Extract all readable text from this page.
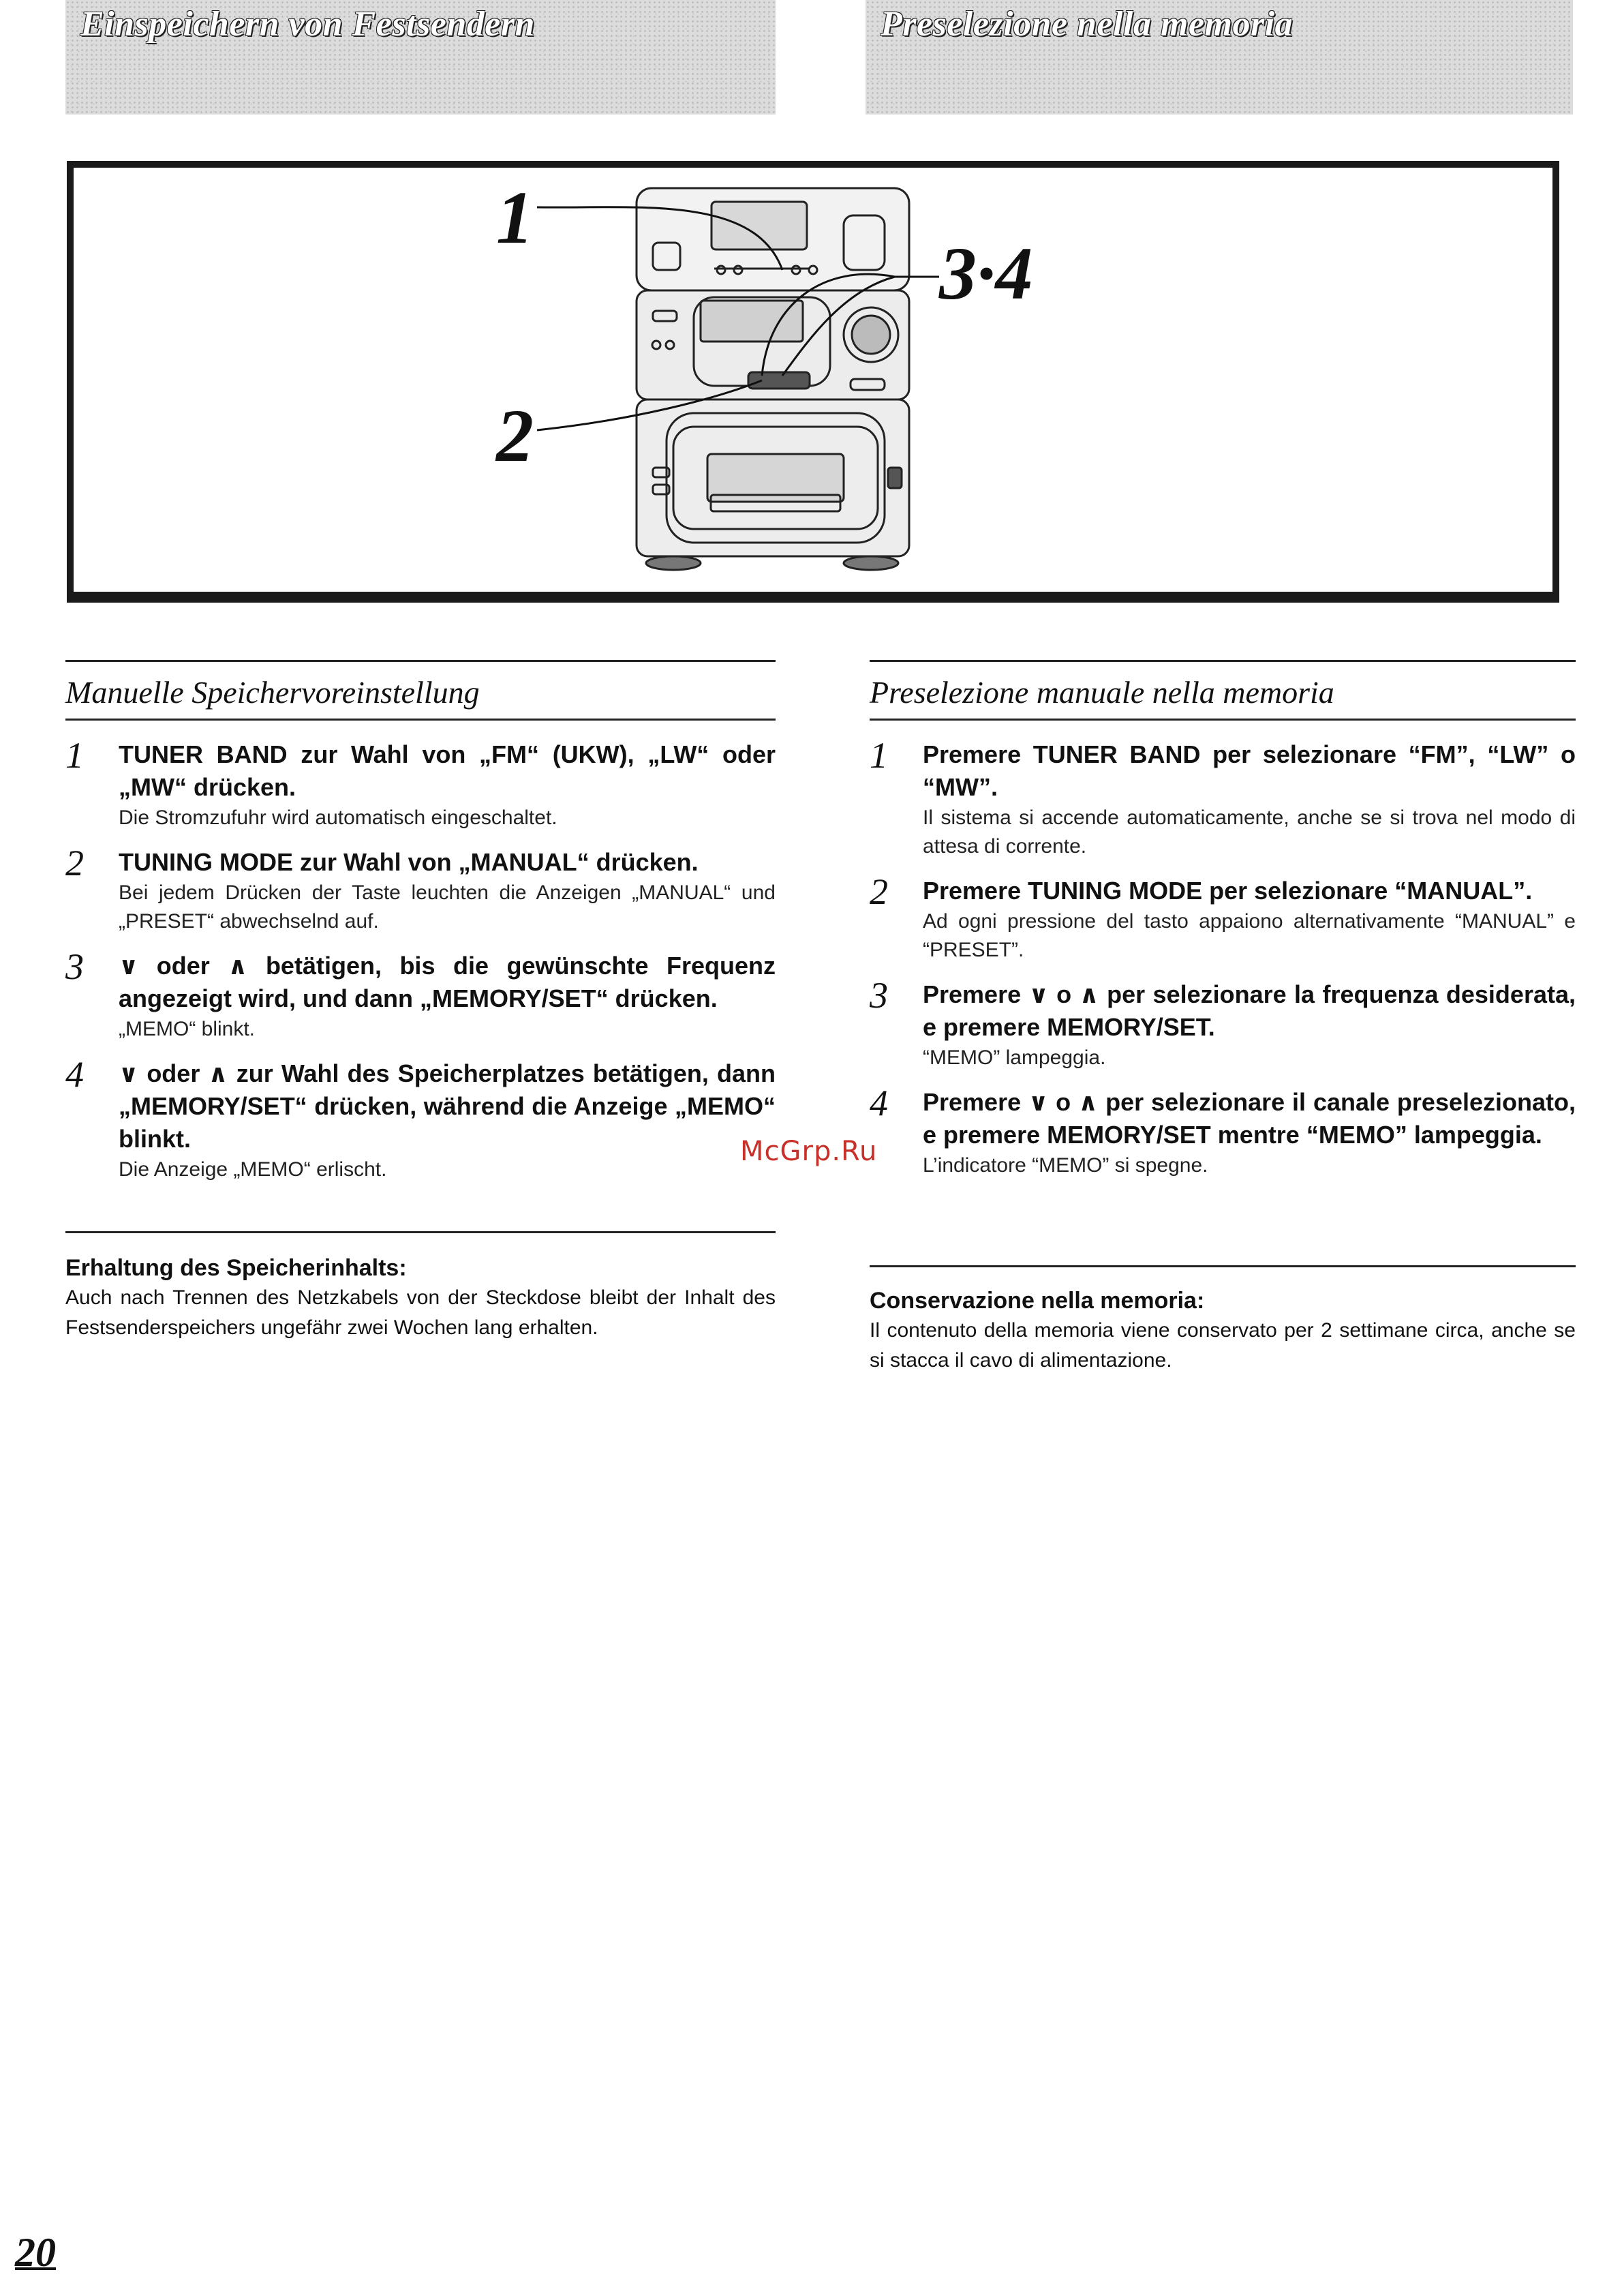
Einspeichern von Festsendern	Preselezione nella memoria
1
2
3·4
Manuelle Speichervoreinstellung
1 TUNER BAND zur Wahl von „FM“ (UKW), „LW“ oder „MW“ drücken.
Die Stromzufuhr wird automatisch eingeschaltet.
2 TUNING MODE zur Wahl von „MANUAL“ drücken.
Bei jedem Drücken der Taste leuchten die Anzeigen „MANUAL“ und „PRESET“ abwechselnd auf.
3 ∨ oder ∧ betätigen, bis die gewünschte Frequenz angezeigt wird, und dann „MEMORY/SET“ drücken.
„MEMO“ blinkt.
4 ∨ oder ∧ zur Wahl des Speicherplatzes betätigen, dann „MEMORY/SET“ drücken, während die Anzeige „MEMO“ blinkt.
Die Anzeige „MEMO“ erlischt.
Preselezione manuale nella memoria
1 Premere TUNER BAND per selezionare “FM”, “LW” o “MW”.
Il sistema si accende automaticamente, anche se si trova nel modo di attesa di corrente.
2 Premere TUNING MODE per selezionare “MANUAL”.
Ad ogni pressione del tasto appaiono alternativamente “MANUAL” e “PRESET”.
3 Premere ∨ o ∧ per selezionare la frequenza desiderata, e premere MEMORY/SET.
“MEMO” lampeggia.
4 Premere ∨ o ∧ per selezionare il canale preselezionato, e premere MEMORY/SET mentre “MEMO” lampeggia.
L’indicatore “MEMO” si spegne.
Erhaltung des Speicherinhalts:
Auch nach Trennen des Netzkabels von der Steckdose bleibt der Inhalt des Festsenderspeichers ungefähr zwei Wochen lang erhalten.
Conservazione nella memoria:
Il contenuto della memoria viene conservato per 2 settimane circa, anche se si stacca il cavo di alimentazione.
McGrp.Ru
20
